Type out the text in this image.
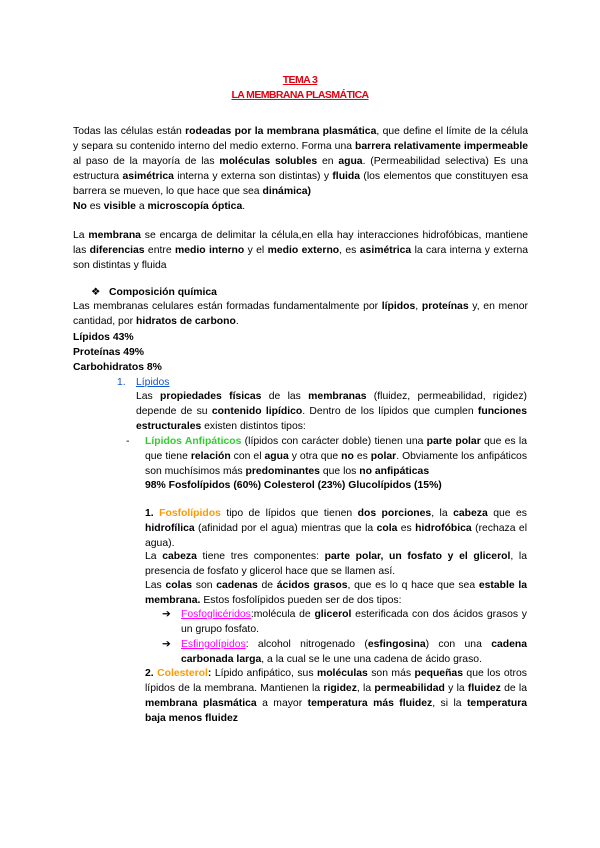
TEMA 3
LA MEMBRANA PLASMÁTICA
Todas las células están rodeadas por la membrana plasmática, que define el límite de la célula y separa su contenido interno del medio externo. Forma una barrera relativamente impermeable al paso de la mayoría de las moléculas solubles en agua. (Permeabilidad selectiva) Es una estructura asimétrica interna y externa son distintas) y fluida (los elementos que constituyen esa barrera se mueven, lo que hace que sea dinámica)
No es visible a microscopía óptica.
La membrana se encarga de delimitar la célula,en ella hay interacciones hidrofóbicas, mantiene las diferencias entre medio interno y el medio externo, es asimétrica la cara interna y externa son distintas y fluida
❖ Composición química
Las membranas celulares están formadas fundamentalmente por lípidos, proteínas y, en menor cantidad, por hidratos de carbono.
Lípidos 43%
Proteínas 49%
Carbohidratos 8%
1. Lípidos
Las propiedades físicas de las membranas (fluidez, permeabilidad, rigidez) depende de su contenido lipídico. Dentro de los lípidos que cumplen funciones estructurales existen distintos tipos:
- Lípidos Anfipáticos (lípidos con carácter doble) tienen una parte polar que es la que tiene relación con el agua y otra que no es polar. Obviamente los anfipáticos son muchísimos más predominantes que los no anfipáticas
98% Fosfolípidos (60%) Colesterol (23%) Glucolípidos (15%)
1. Fosfolípidos tipo de lípidos que tienen dos porciones, la cabeza que es hidrofílica (afinidad por el agua) mientras que la cola es hidrofóbica (rechaza el agua).
La cabeza tiene tres componentes: parte polar, un fosfato y el glicerol, la presencia de fosfato y glicerol hace que se llamen así.
Las colas son cadenas de ácidos grasos, que es lo q hace que sea estable la membrana. Estos fosfolípidos pueden ser de dos tipos:
➔ Fosfoglicéridos:molécula de glicerol esterificada con dos ácidos grasos y un grupo fosfato.
➔ Esfingolípidos: alcohol nitrogenado (esfingosina) con una cadena carbonada larga, a la cual se le une una cadena de ácido graso.
2. Colesterol: Lípido anfipático, sus moléculas son más pequeñas que los otros lípidos de la membrana. Mantienen la rigidez, la permeabilidad y la fluidez de la membrana plasmática a mayor temperatura más fluidez, si la temperatura baja menos fluidez
